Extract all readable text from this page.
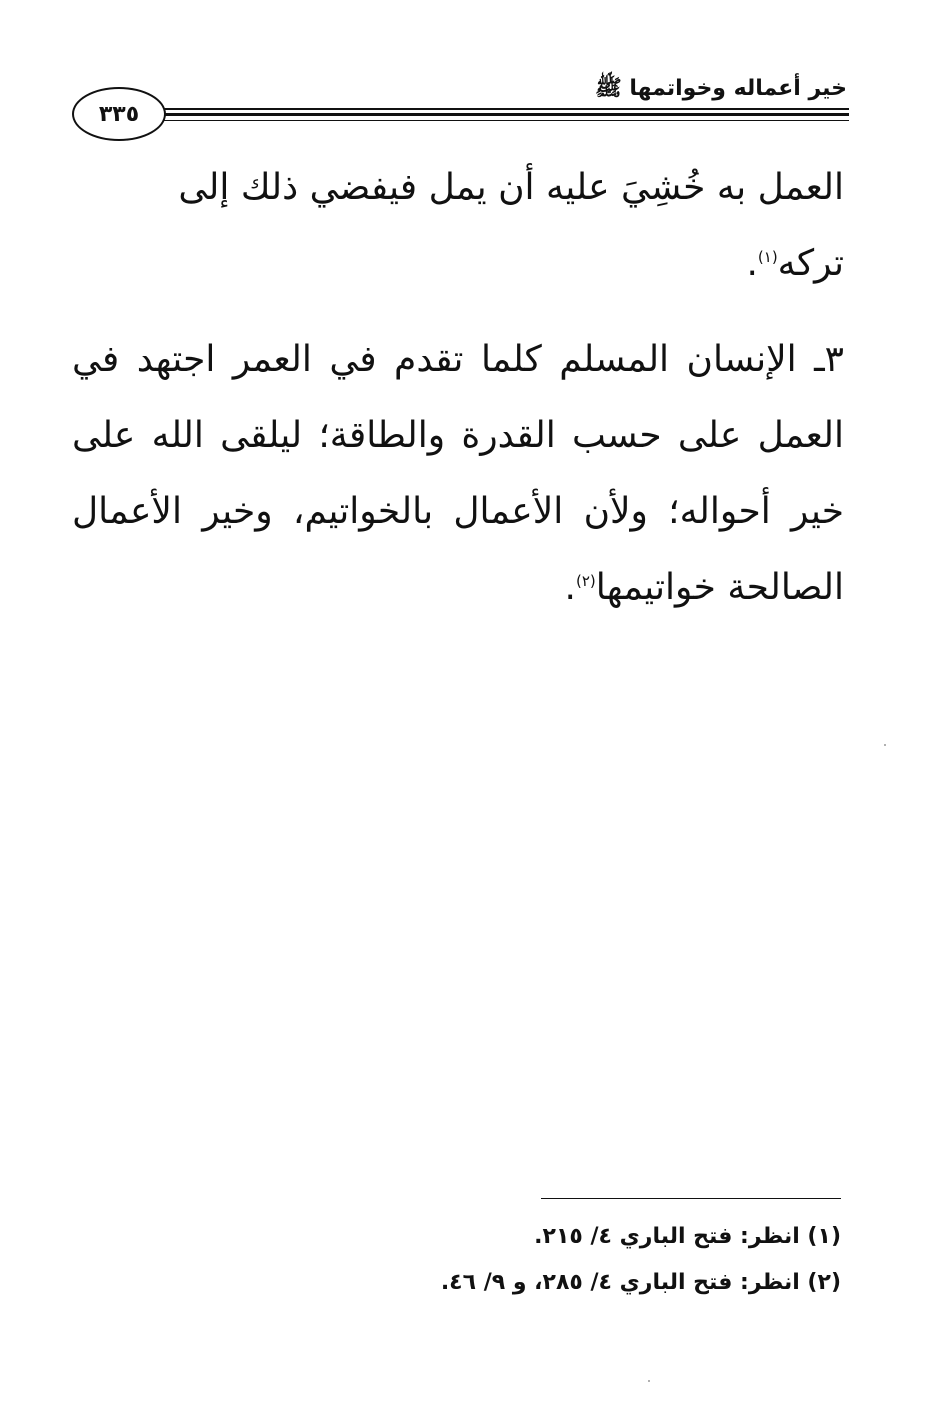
خير أعماله وخواتمها ﷺ
٣٣٥

العمل به خُشِيَ عليه أن يمل فيفضي ذلك إلى تركه$^{(١)}$.

٣ـ الإنسان المسلم كلما تقدم في العمر اجتهد في العمل على حسب القدرة والطاقة؛ ليلقى الله على خير أحواله؛ ولأن الأعمال بالخواتيم، وخير الأعمال الصالحة خواتيمها$^{(٢)}$.

(١) انظر: فتح الباري ٤/ ٢١٥.
(٢) انظر: فتح الباري ٤/ ٢٨٥، و ٩/ ٤٦.
